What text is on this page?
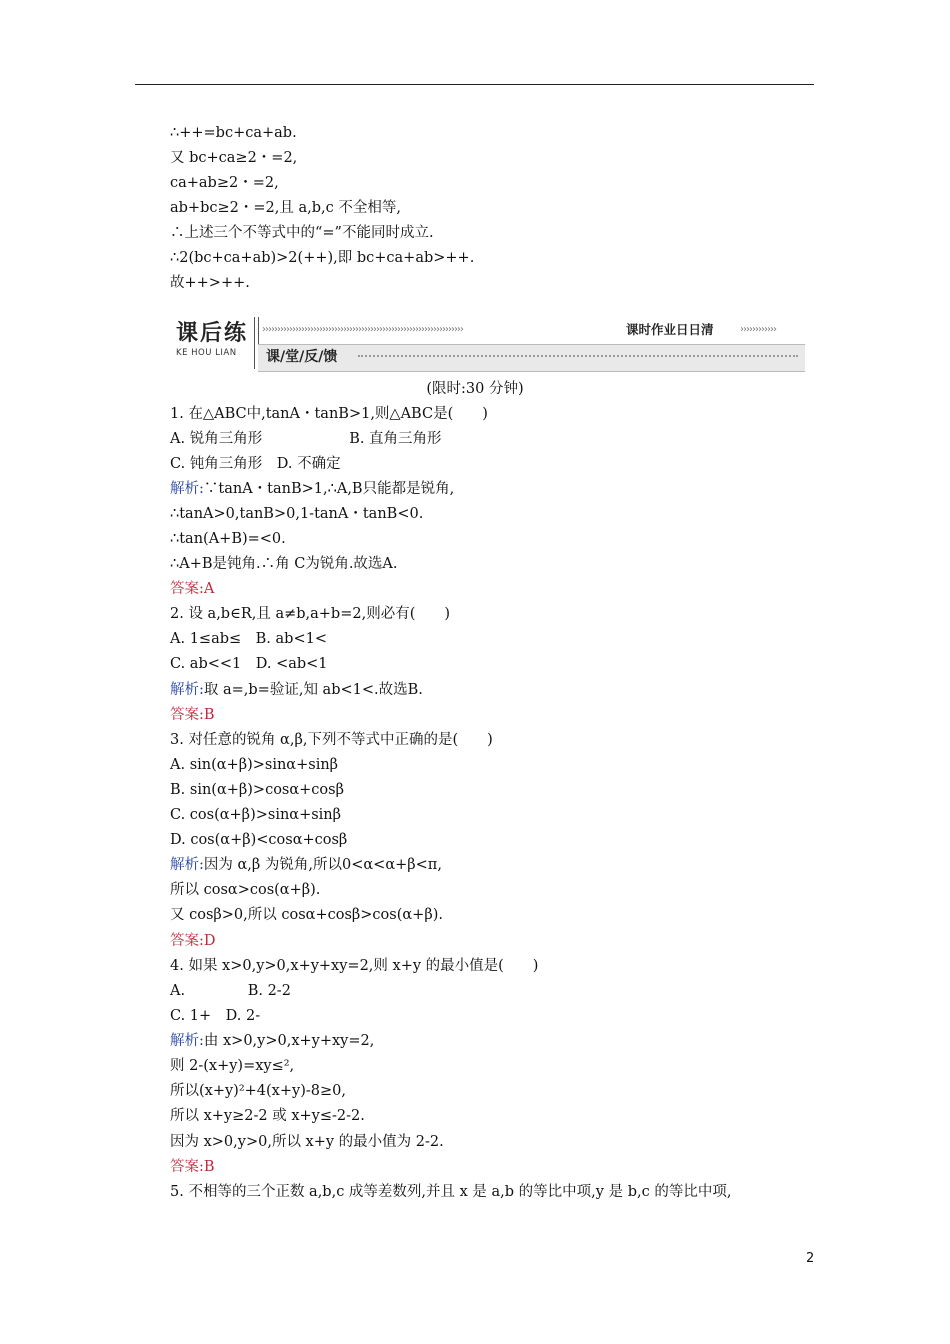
∴++=bc+ca+ab.
又 bc+ca≥2・=2,
ca+ab≥2・=2,
ab+bc≥2・=2,且 a,b,c 不全相等,
∴上述三个不等式中的“=”不能同时成立.
∴2(bc+ca+ab)>2(++),即 bc+ca+ab>++.
故++>++.
课后练
KE HOU LIAN
›››››››››››››››››››››››››››››››››››››››››››››››››››››››››››››››››››	课时作业日日清	››››››››››››
课/堂/反/馈
(限时:30 分钟)
1. 在△ABC中,tanA・tanB>1,则△ABC是(　　)
A. 锐角三角形　　　　　　B. 直角三角形
C. 钝角三角形　D. 不确定
解析:∵tanA・tanB>1,∴A,B只能都是锐角,
∴tanA>0,tanB>0,1-tanA・tanB<0.
∴tan(A+B)=<0.
∴A+B是钝角.∴角 C为锐角.故选A.
答案:A
2. 设 a,b∈R,且 a≠b,a+b=2,则必有(　　)
A. 1≤ab≤　B. ab<1<
C. ab<<1　D. <ab<1
解析:取 a=,b=验证,知 ab<1<.故选B.
答案:B
3. 对任意的锐角 α,β,下列不等式中正确的是(　　)
A. sin(α+β)>sinα+sinβ
B. sin(α+β)>cosα+cosβ
C. cos(α+β)>sinα+sinβ
D. cos(α+β)<cosα+cosβ
解析:因为 α,β 为锐角,所以0<α<α+β<π,
所以 cosα>cos(α+β).
又 cosβ>0,所以 cosα+cosβ>cos(α+β).
答案:D
4. 如果 x>0,y>0,x+y+xy=2,则 x+y 的最小值是(　　)
A. 　　　　B. 2-2
C. 1+　D. 2-
解析:由 x>0,y>0,x+y+xy=2,
则 2-(x+y)=xy≤²,
所以(x+y)²+4(x+y)-8≥0,
所以 x+y≥2-2 或 x+y≤-2-2.
因为 x>0,y>0,所以 x+y 的最小值为 2-2.
答案:B
5. 不相等的三个正数 a,b,c 成等差数列,并且 x 是 a,b 的等比中项,y 是 b,c 的等比中项,
2
